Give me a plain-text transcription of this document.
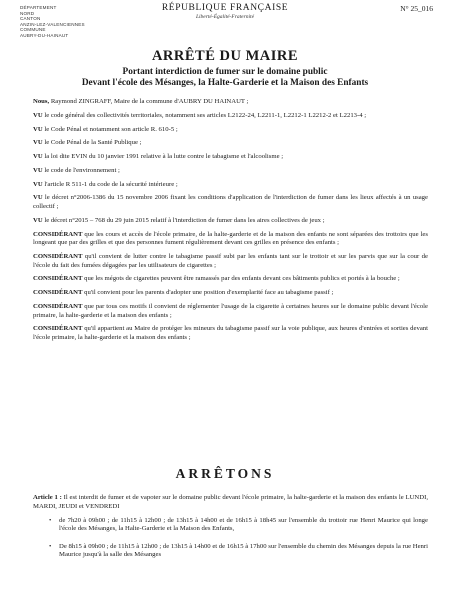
DÉPARTEMENT
NORD
CANTON
ANZIN-LEZ-VALENCIENNES
COMMUNE
AUBRY-DU-HAINAUT
RÉPUBLIQUE FRANÇAISE
Liberté-Égalité-Fraternité
N° 25_016
ARRÊTÉ DU MAIRE
Portant interdiction de fumer sur le domaine public
Devant l'école des Mésanges, la Halte-Garderie et la Maison des Enfants

Nous, Raymond ZINGRAFF, Maire de la commune d'AUBRY DU HAINAUT ;

VU le code général des collectivités territoriales, notamment ses articles L2122-24, L2211-1, L2212-1 L2212-2 et L2213-4 ;

VU le Code Pénal et notamment son article R. 610-5 ;

VU le Code Pénal de la Santé Publique ;

VU la loi dite EVIN du 10 janvier 1991 relative à la lutte contre le tabagisme et l'alcoolisme ;

VU le code de l'environnement ;

VU l'article R 511-1 du code de la sécurité intérieure ;

VU le décret n°2006-1386 du 15 novembre 2006 fixant les conditions d'application de l'interdiction de fumer dans les lieux affectés à un usage collectif ;

VU le décret n°2015 – 768 du 29 juin 2015 relatif à l'interdiction de fumer dans les aires collectives de jeux ;

CONSIDÉRANT que les cours et accès de l'école primaire, de la halte-garderie et de la maison des enfants ne sont séparées des trottoirs que les longeant que par des grilles et que des personnes fument régulièrement devant ces grilles en présence des enfants ;

CONSIDÉRANT qu'il convient de lutter contre le tabagisme passif subi par les enfants tant sur le trottoir et sur les parvis que sur la cour de l'école du fait des fumées dégagées par les utilisateurs de cigarettes ;

CONSIDÉRANT que les mégots de cigarettes peuvent être ramassés par des enfants devant ces bâtiments publics et portés à la bouche ;

CONSIDÉRANT qu'il convient pour les parents d'adopter une position d'exemplarité face au tabagisme passif ;

CONSIDÉRANT que par tous ces motifs il convient de réglementer l'usage de la cigarette à certaines heures sur le domaine public devant l'école primaire, la halte-garderie et la maison des enfants ;

CONSIDÉRANT qu'il appartient au Maire de protéger les mineurs du tabagisme passif sur la voie publique, aux heures d'entrées et sorties devant l'école primaire, la halte-garderie et la maison des enfants ;

ARRÊTONS

Article 1 : Il est interdit de fumer et de vapoter sur le domaine public devant l'école primaire, la halte-garderie et la maison des enfants le LUNDI, MARDI, JEUDI et VENDREDI

• de 7h20 à 09h00 ; de 11h15 à 12h00 ; de 13h15 à 14h00 et de 16h15 à 18h45 sur l'ensemble du trottoir rue Henri Maurice qui longe l'école des Mésanges, la Halte-Garderie et la Maison des Enfants,
• De 8h15 à 09h00 ; de 11h15 à 12h00 ; de 13h15 à 14h00 et de 16h15 à 17h00 sur l'ensemble du chemin des Mésanges depuis la rue Henri Maurice jusqu'à la salle des Mésanges
